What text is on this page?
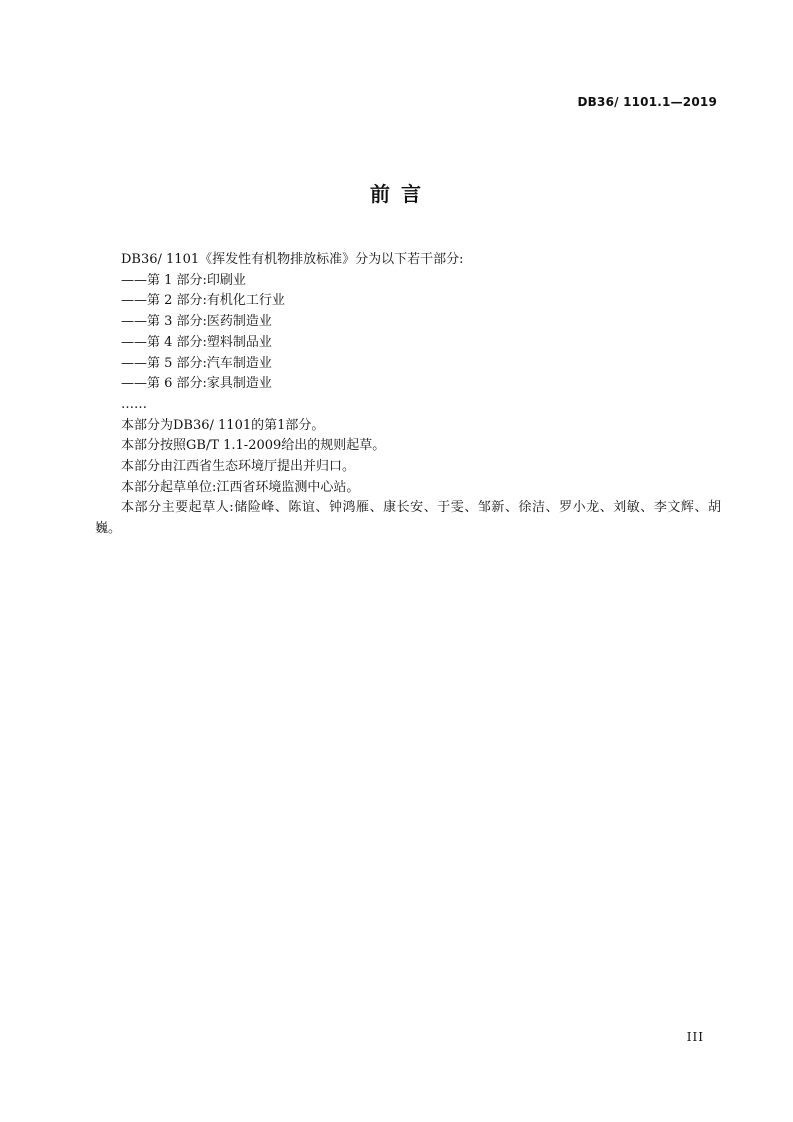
DB36/ 1101.1—2019
前 言

DB36/ 1101《挥发性有机物排放标准》分为以下若干部分:

——第 1 部分:印刷业

——第 2 部分:有机化工行业

——第 3 部分:医药制造业

——第 4 部分:塑料制品业

——第 5 部分:汽车制造业

——第 6 部分:家具制造业

……

本部分为DB36/ 1101的第1部分。

本部分按照GB/T 1.1-2009给出的规则起草。

本部分由江西省生态环境厅提出并归口。

本部分起草单位:江西省环境监测中心站。

本部分主要起草人:储险峰、陈谊、钟鸿雁、康长安、于雯、邹新、徐洁、罗小龙、刘敏、李文辉、胡巍。

III
